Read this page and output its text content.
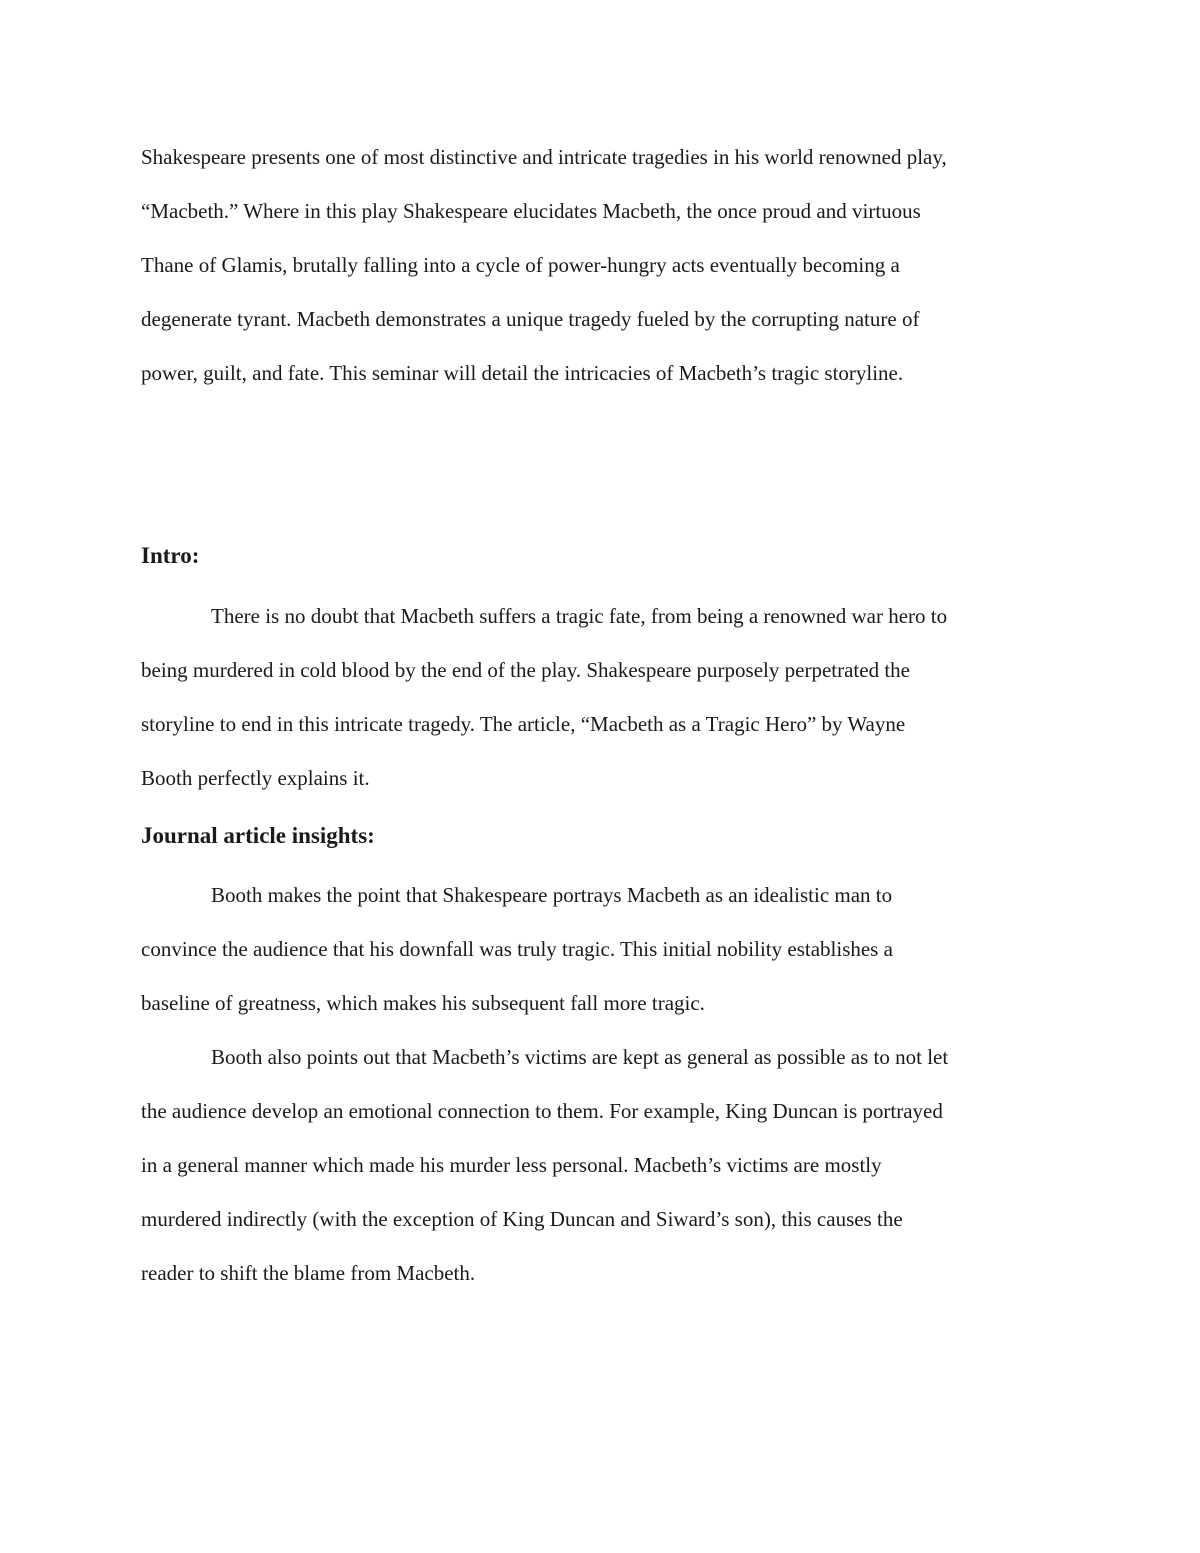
Shakespeare presents one of most distinctive and intricate tragedies in his world renowned play,
“Macbeth.” Where in this play Shakespeare elucidates Macbeth, the once proud and virtuous
Thane of Glamis, brutally falling into a cycle of power-hungry acts eventually becoming a
degenerate tyrant. Macbeth demonstrates a unique tragedy fueled by the corrupting nature of
power, guilt, and fate. This seminar will detail the intricacies of Macbeth’s tragic storyline.
Intro:
There is no doubt that Macbeth suffers a tragic fate, from being a renowned war hero to
being murdered in cold blood by the end of the play. Shakespeare purposely perpetrated the
storyline to end in this intricate tragedy. The article, “Macbeth as a Tragic Hero” by Wayne
Booth perfectly explains it.
Journal article insights:
Booth makes the point that Shakespeare portrays Macbeth as an idealistic man to
convince the audience that his downfall was truly tragic. This initial nobility establishes a
baseline of greatness, which makes his subsequent fall more tragic.
Booth also points out that Macbeth’s victims are kept as general as possible as to not let
the audience develop an emotional connection to them. For example, King Duncan is portrayed
in a general manner which made his murder less personal. Macbeth’s victims are mostly
murdered indirectly (with the exception of King Duncan and Siward’s son), this causes the
reader to shift the blame from Macbeth.
